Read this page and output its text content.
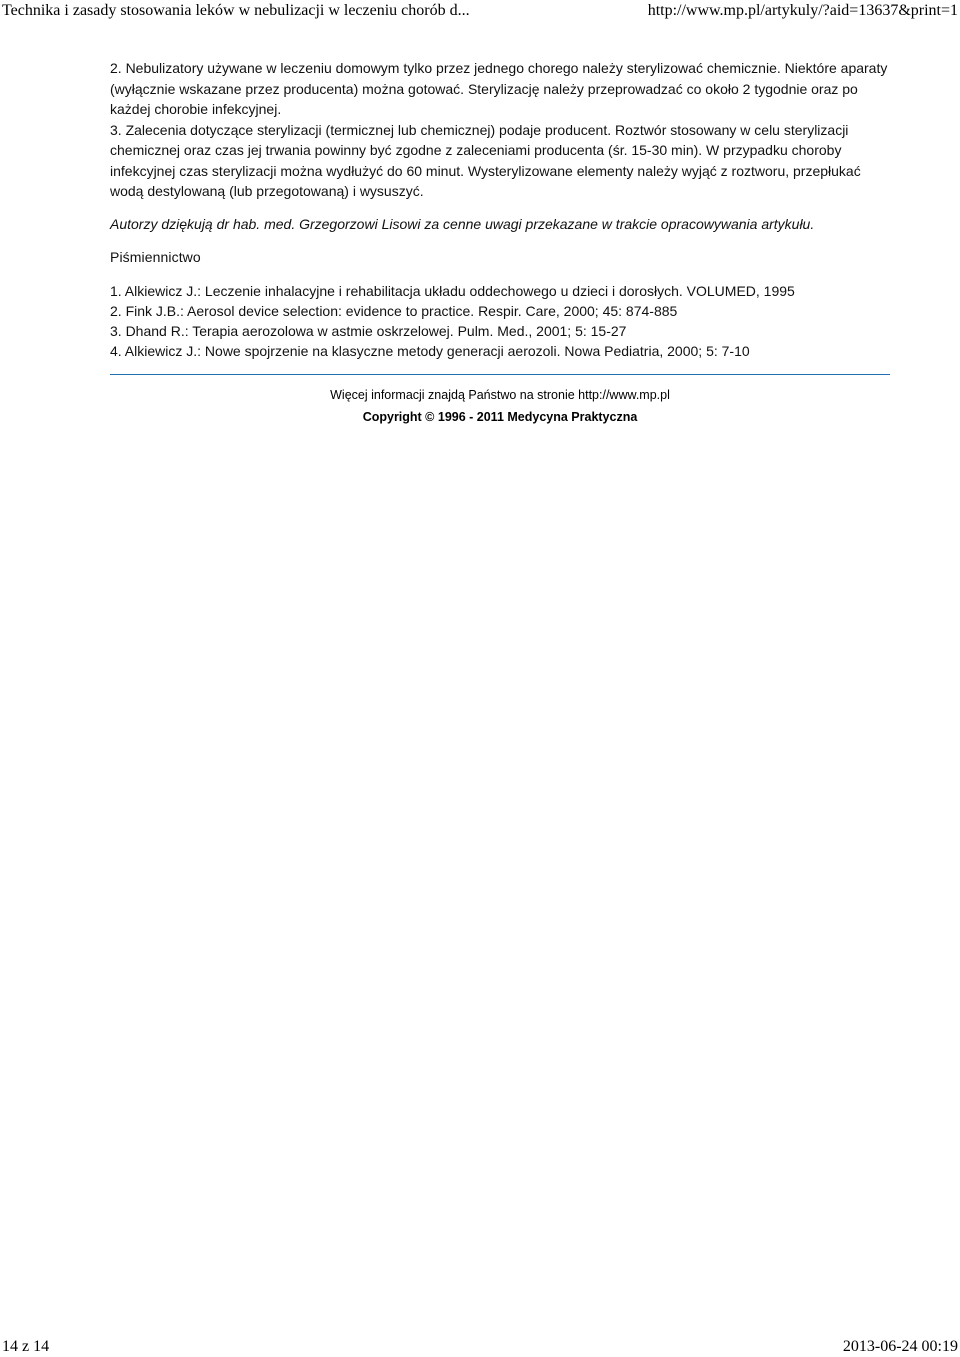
Technika i zasady stosowania leków w nebulizacji w leczeniu chorób d...	http://www.mp.pl/artykuly/?aid=13637&print=1

2. Nebulizatory używane w leczeniu domowym tylko przez jednego chorego należy sterylizować chemicznie. Niektóre aparaty (wyłącznie wskazane przez producenta) można gotować. Sterylizację należy przeprowadzać co około 2 tygodnie oraz po każdej chorobie infekcyjnej.

3. Zalecenia dotyczące sterylizacji (termicznej lub chemicznej) podaje producent. Roztwór stosowany w celu sterylizacji chemicznej oraz czas jej trwania powinny być zgodne z zaleceniami producenta (śr. 15-30 min). W przypadku choroby infekcyjnej czas sterylizacji można wydłużyć do 60 minut. Wysterylizowane elementy należy wyjąć z roztworu, przepłukać wodą destylowaną (lub przegotowaną) i wysuszyć.

Autorzy dziękują dr hab. med. Grzegorzowi Lisowi za cenne uwagi przekazane w trakcie opracowywania artykułu.

Piśmiennictwo

1. Alkiewicz J.: Leczenie inhalacyjne i rehabilitacja układu oddechowego u dzieci i dorosłych. VOLUMED, 1995
2. Fink J.B.: Aerosol device selection: evidence to practice. Respir. Care, 2000; 45: 874-885
3. Dhand R.: Terapia aerozolowa w astmie oskrzelowej. Pulm. Med., 2001; 5: 15-27
4. Alkiewicz J.: Nowe spojrzenie na klasyczne metody generacji aerozoli. Nowa Pediatria, 2000; 5: 7-10
Więcej informacji znajdą Państwo na stronie http://www.mp.pl
Copyright © 1996 - 2011 Medycyna Praktyczna
14 z 14	2013-06-24 00:19
